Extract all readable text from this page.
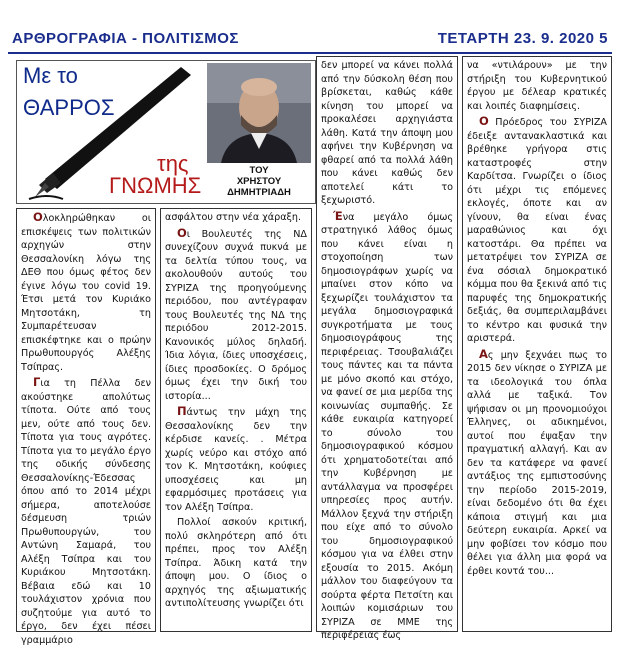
ΑΡΘΡΟΓΡΑΦΙΑ - ΠΟΛΙΤΙΣΜΟΣ	ΤΕΤΑΡΤΗ 23. 9. 2020 5
Με το
ΘΑΡΡΟΣ
της
ΓΝΩΜΗΣ
ΤΟΥ
ΧΡΗΣΤΟΥ ΔΗΜΗΤΡΙΑΔΗ

Ολοκληρώθηκαν οι επισκέψεις των πολιτικών αρχηγών στην Θεσσαλονίκη λόγω της ΔΕΘ που όμως φέτος δεν έγινε λόγω του covid 19. Έτσι μετά τον Κυριάκο Μητσοτάκη, τη Συμπαρέτευσαν επισκέφτηκε και ο πρώην Πρωθυπουργός Αλέξης Τσίπρας.

Για τη Πέλλα δεν ακούστηκε απολύτως τίποτα. Ούτε από τους μεν, ούτε από τους δεν. Τίποτα για τους αγρότες. Τίποτα για το μεγάλο έργο της οδικής σύνδεσης Θεσσαλονίκης-Έδεσσας όπου από το 2014 μέχρι σήμερα, αποτελούσε δέσμευση τριών Πρωθυπουργών, του Αντώνη Σαμαρά, του Αλέξη Τσίπρα και του Κυριάκου Μητσοτάκη. Βέβαια εδώ και 10 τουλάχιστον χρόνια που συζητούμε για αυτό το έργο, δεν έχει πέσει γραμμάριο

ασφάλτου στην νέα χάραξη.

Οι Βουλευτές της ΝΔ συνεχίζουν συχνά πυκνά με τα δελτία τύπου τους, να ακολουθούν αυτούς του ΣΥΡΙΖΑ της προηγούμενης περιόδου, που αντέγραφαν τους Βουλευτές της ΝΔ της περιόδου 2012-2015. Κανονικός μύλος δηλαδή. Ίδια λόγια, ίδιες υποσχέσεις, ίδιες προσδοκίες. Ο δρόμος όμως έχει την δική του ιστορία...

Πάντως την μάχη της Θεσσαλονίκης δεν την κέρδισε κανείς. . Μέτρα χωρίς νεύρο και στόχο από τον Κ. Μητσοτάκη, κούφιες υποσχέσεις και μη εφαρμόσιμες προτάσεις για τον Αλέξη Τσίπρα.

Πολλοί ασκούν κριτική, πολύ σκληρότερη από ότι πρέπει, προς τον Αλέξη Τσίπρα. Άδικη κατά την άποψη μου. Ο ίδιος ο αρχηγός της αξιωματικής αντιπολίτευσης γνωρίζει ότι

δεν μπορεί να κάνει πολλά από την δύσκολη θέση που βρίσκεται, καθώς κάθε κίνηση του μπορεί να προκαλέσει αρχηγιάστα λάθη. Κατά την άποψη μου αφήνει την Κυβέρνηση να φθαρεί από τα πολλά λάθη που κάνει καθώς δεν αποτελεί κάτι το ξεχωριστό.

Ένα μεγάλο όμως στρατηγικό λάθος όμως που κάνει είναι η στοχοποίηση των δημοσιογράφων χωρίς να μπαίνει στον κόπο να ξεχωρίζει τουλάχιστον τα μεγάλα δημοσιογραφικά συγκροτήματα με τους δημοσιογράφους της περιφέρειας. Τσουβαλιάζει τους πάντες και τα πάντα με μόνο σκοπό και στόχο, να φανεί σε μια μερίδα της κοινωνίας συμπαθής. Σε κάθε ευκαιρία κατηγορεί το σύνολο του δημοσιογραφικού κόσμου ότι χρηματοδοτείται από την Κυβέρνηση με αντάλλαγμα να προσφέρει υπηρεσίες προς αυτήν. Μάλλον ξεχνά την στήριξη που είχε από το σύνολο του δημοσιογραφικού κόσμου για να έλθει στην εξουσία το 2015. Ακόμη μάλλον του διαφεύγουν τα σούρτα φέρτα Πετσίτη και λοιπών κομισάριων του ΣΥΡΙΖΑ σε ΜΜΕ της περιφέρειας έως

να «ντιλάρουν» με την στήριξη του Κυβερνητικού έργου με δέλεαρ κρατικές και λοιπές διαφημίσεις.

Ο Πρόεδρος του ΣΥΡΙΖΑ έδειξε αντανακλαστικά και βρέθηκε γρήγορα στις καταστροφές στην Καρδίτσα. Γνωρίζει ο ίδιος ότι μέχρι τις επόμενες εκλογές, όποτε και αν γίνουν, θα είναι ένας μαραθώνιος και όχι κατοστάρι. Θα πρέπει να μετατρέψει τον ΣΥΡΙΖΑ σε ένα σόσιαλ δημοκρατικό κόμμα που θα ξεκινά από τις παρυφές της δημοκρατικής δεξιάς, θα συμπεριλαμβάνει το κέντρο και φυσικά την αριστερά.

Ας μην ξεχνάει πως το 2015 δεν νίκησε ο ΣΥΡΙΖΑ με τα ιδεολογικά του όπλα αλλά με ταξικά. Τον ψήφισαν οι μη προνομιούχοι Έλληνες, οι αδικημένοι, αυτοί που έψαξαν την πραγματική αλλαγή. Και αν δεν τα κατάφερε να φανεί αντάξιος της εμπιστοσύνης την περίοδο 2015-2019, είναι δεδομένο ότι θα έχει κάποια στιγμή και μια δεύτερη ευκαιρία. Αρκεί να μην φοβίσει τον κόσμο που θέλει για άλλη μια φορά να έρθει κοντά του...
